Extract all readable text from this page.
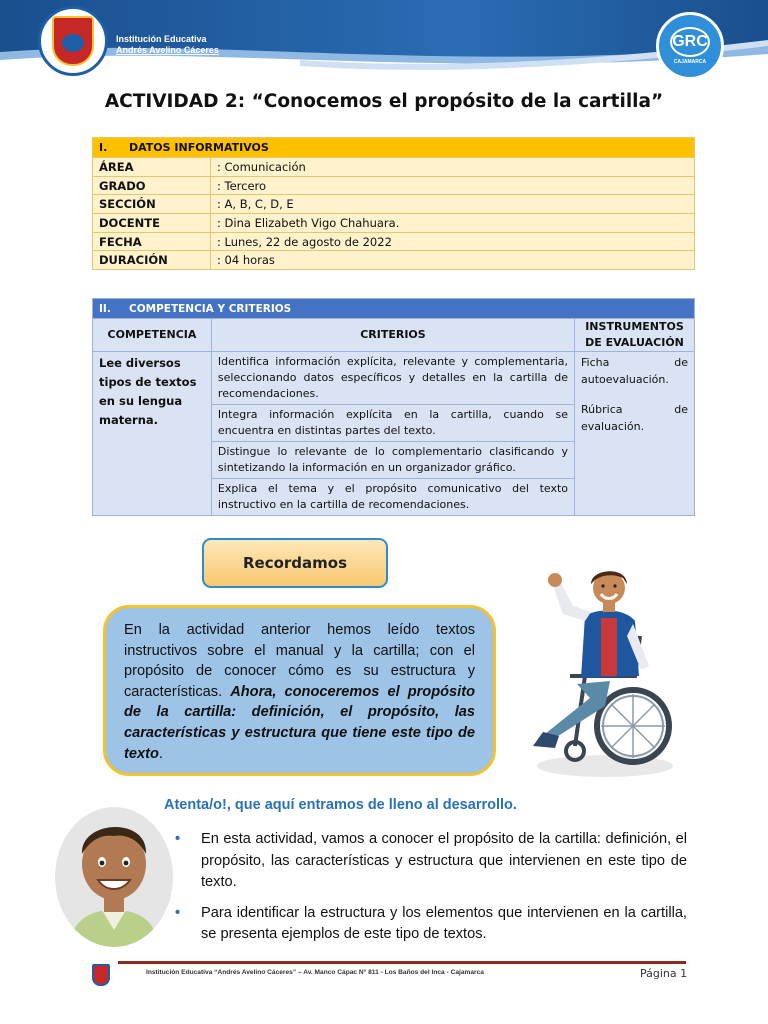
Institución Educativa
Andrés Avelino Cáceres	GRC
CAJAMARCA
ACTIVIDAD 2: “Conocemos el propósito de la cartilla”
I. DATOS INFORMATIVOS	
ÁREA	: Comunicación
GRADO	: Tercero
SECCIÓN	: A, B, C, D, E
DOCENTE	: Dina Elizabeth Vigo Chahuara.
FECHA	: Lunes, 22 de agosto de 2022
DURACIÓN	: 04 horas
II. COMPETENCIA Y CRITERIOS		
COMPETENCIA	CRITERIOS	INSTRUMENTOS DE EVALUACIÓN
Lee diversos tipos de textos en su lengua materna.	Identifica información explícita, relevante y complementaria, seleccionando datos específicos y detalles en la cartilla de recomendaciones.	Ficha de autoevaluación.

Rúbrica de evaluación.

	Integra información explícita en la cartilla, cuando se encuentra en distintas partes del texto.	
	Distingue lo relevante de lo complementario clasificando y sintetizando la información en un organizador gráfico.	
	Explica el tema y el propósito comunicativo del texto instructivo en la cartilla de recomendaciones.	
Recordamos
En la actividad anterior hemos leído textos instructivos sobre el manual y la cartilla; con el propósito de conocer cómo es su estructura y características. Ahora, conoceremos el propósito de la cartilla: definición, el propósito, las características y estructura que tiene este tipo de texto.
Atenta/o!, que aquí entramos de lleno al desarrollo.
• En esta actividad, vamos a conocer el propósito de la cartilla: definición, el propósito, las características y estructura que intervienen en este tipo de texto.
• Para identificar la estructura y los elementos que intervienen en la cartilla, se presenta ejemplos de este tipo de textos.
Institución Educativa “Andrés Avelino Cáceres” – Av. Manco Cápac N° 811 - Los Baños del Inca - Cajamarca	Página 1
